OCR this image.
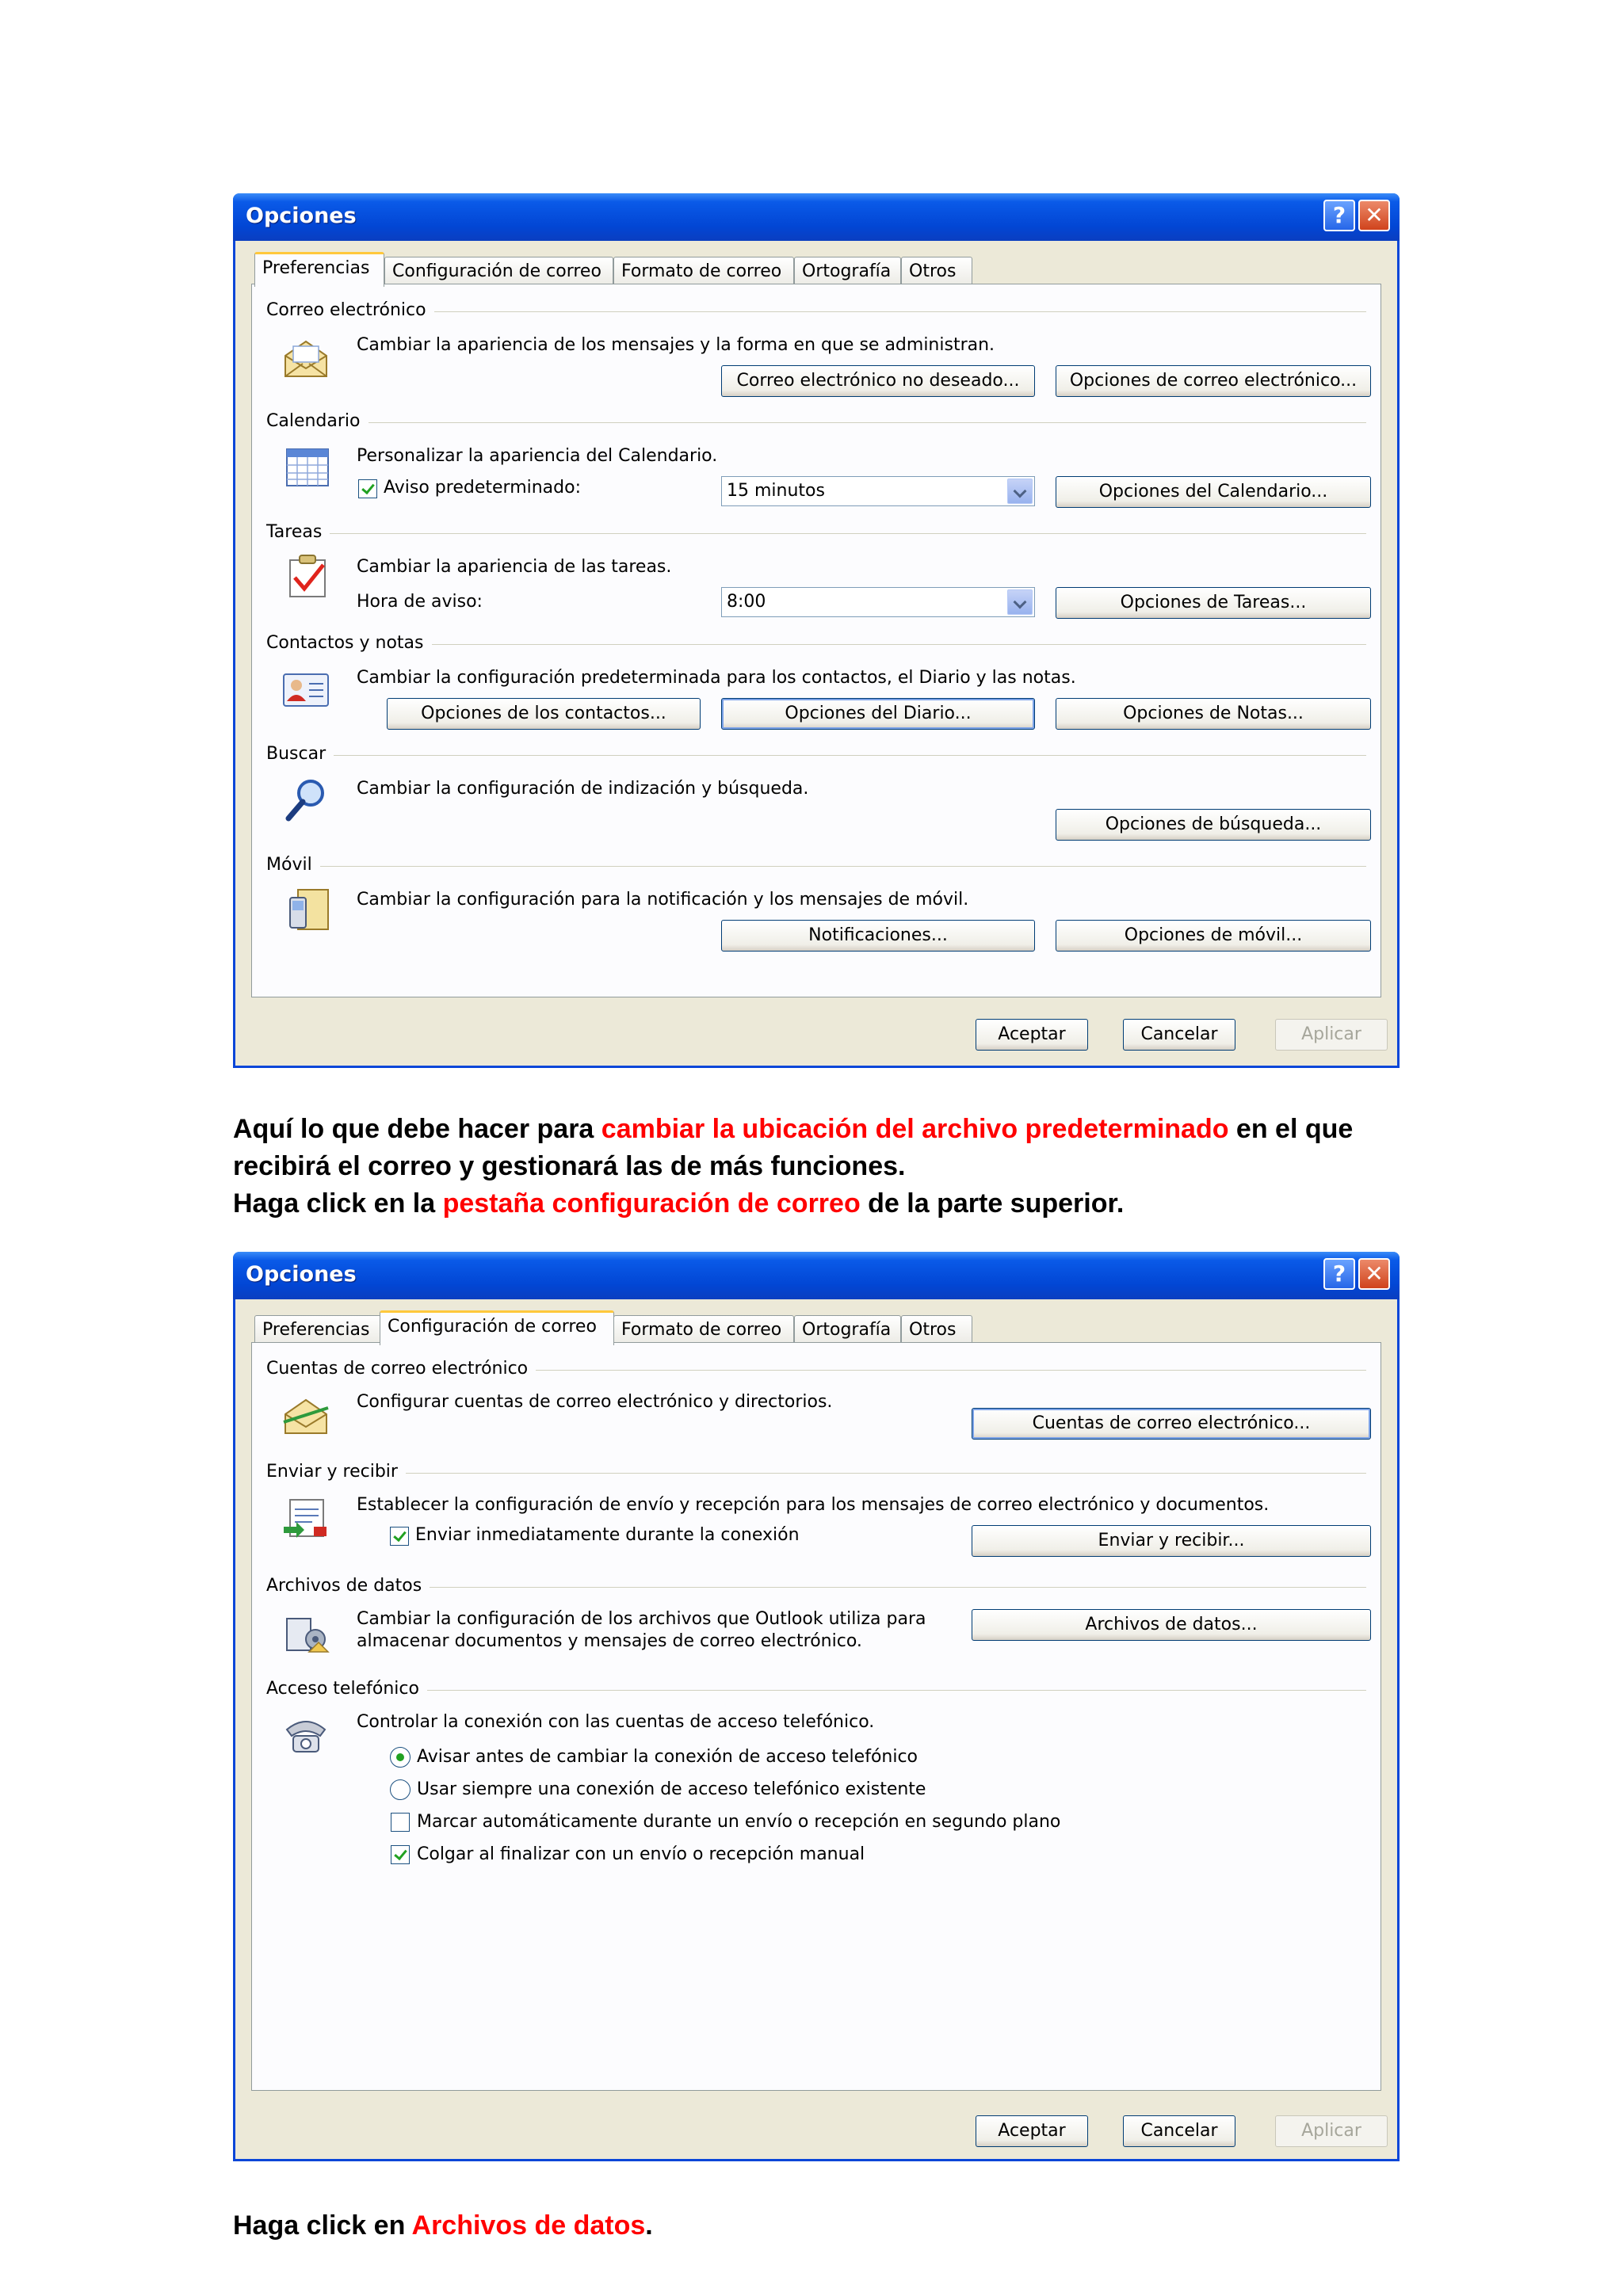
Opciones	? ✕
Preferencias	Configuración de correo	Formato de correo	Ortografía	Otros
Correo electrónico
Cambiar la apariencia de los mensajes y la forma en que se administran.
Correo electrónico no deseado...	Opciones de correo electrónico...
Calendario
Personalizar la apariencia del Calendario.
Aviso predeterminado:	15 minutos	Opciones del Calendario...
Tareas
Cambiar la apariencia de las tareas.
Hora de aviso:	8:00	Opciones de Tareas...
Contactos y notas
Cambiar la configuración predeterminada para los contactos, el Diario y las notas.
Opciones de los contactos...	Opciones del Diario...	Opciones de Notas...
Buscar
Cambiar la configuración de indización y búsqueda.
Opciones de búsqueda...
Móvil
Cambiar la configuración para la notificación y los mensajes de móvil.
Notificaciones...	Opciones de móvil...
Aceptar	Cancelar	Aplicar
Aquí lo que debe hacer para cambiar la ubicación del archivo predeterminado en el que
recibirá el correo y gestionará las de más funciones.
Haga click en la pestaña configuración de correo de la parte superior.
Opciones	? ✕
Preferencias	Configuración de correo	Formato de correo	Ortografía	Otros
Cuentas de correo electrónico
Configurar cuentas de correo electrónico y directorios.
Cuentas de correo electrónico...
Enviar y recibir
Establecer la configuración de envío y recepción para los mensajes de correo electrónico y documentos.
Enviar inmediatamente durante la conexión	Enviar y recibir...
Archivos de datos
Cambiar la configuración de los archivos que Outlook utiliza para
almacenar documentos y mensajes de correo electrónico.
Archivos de datos...
Acceso telefónico
Controlar la conexión con las cuentas de acceso telefónico.
Avisar antes de cambiar la conexión de acceso telefónico
Usar siempre una conexión de acceso telefónico existente
Marcar automáticamente durante un envío o recepción en segundo plano
Colgar al finalizar con un envío o recepción manual
Aceptar	Cancelar	Aplicar
Haga click en Archivos de datos.
